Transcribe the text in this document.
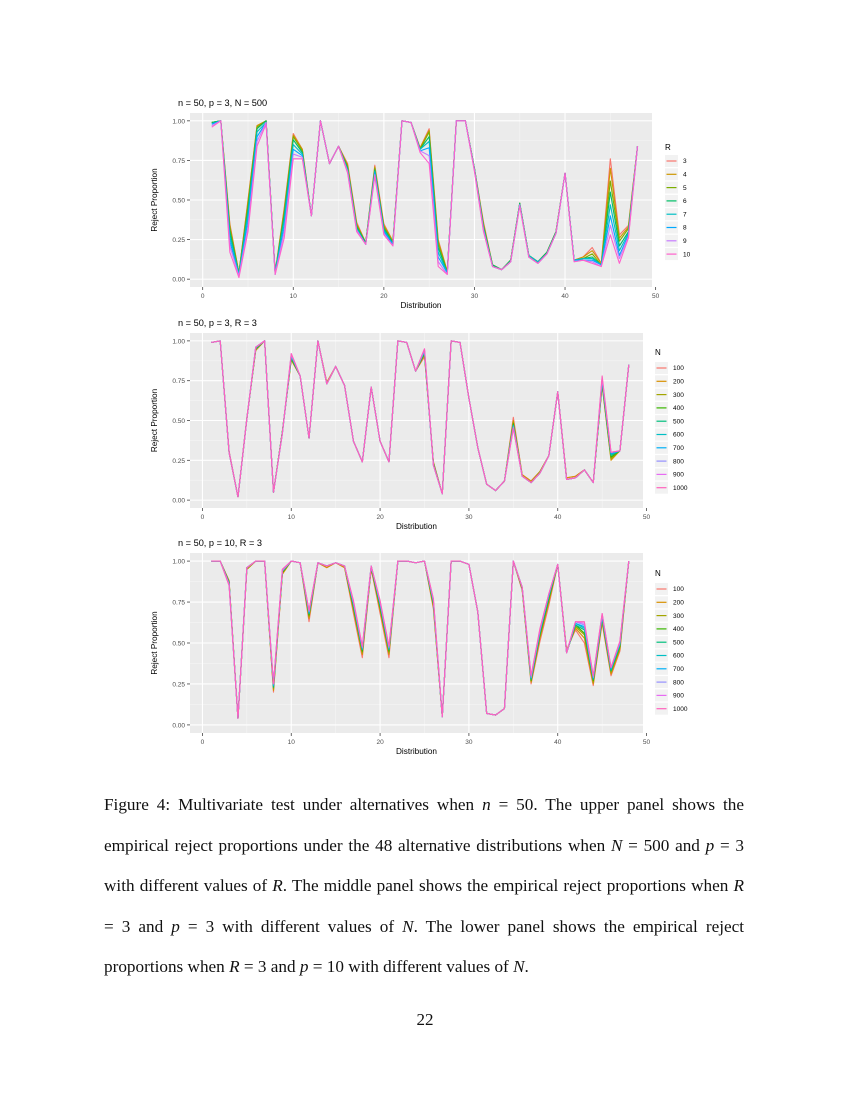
0.00
0.25
0.50
0.75
1.00
0	10	20	30	40	50
n = 50, p = 3, N = 500
Distribution
Reject Proportion
R
3
4
5
6
7
8
9
10
0.00
0.25
0.50
0.75
1.00
0	10	20	30	40	50
n = 50, p = 3, R = 3
Distribution
Reject Proportion
N
100
200
300
400
500
600
700
800
900
1000
0.00
0.25
0.50
0.75
1.00
0	10	20	30	40	50
n = 50, p = 10, R = 3
Distribution
Reject Proportion
N
100
200
300
400
500
600
700
800
900
1000
Figure 4: Multivariate test under alternatives when n = 50. The upper panel shows the empirical reject proportions under the 48 alternative distributions when N = 500 and p = 3 with different values of R. The middle panel shows the empirical reject proportions when R = 3 and p = 3 with different values of N. The lower panel shows the empirical reject proportions when R = 3 and p = 10 with different values of N.
22
